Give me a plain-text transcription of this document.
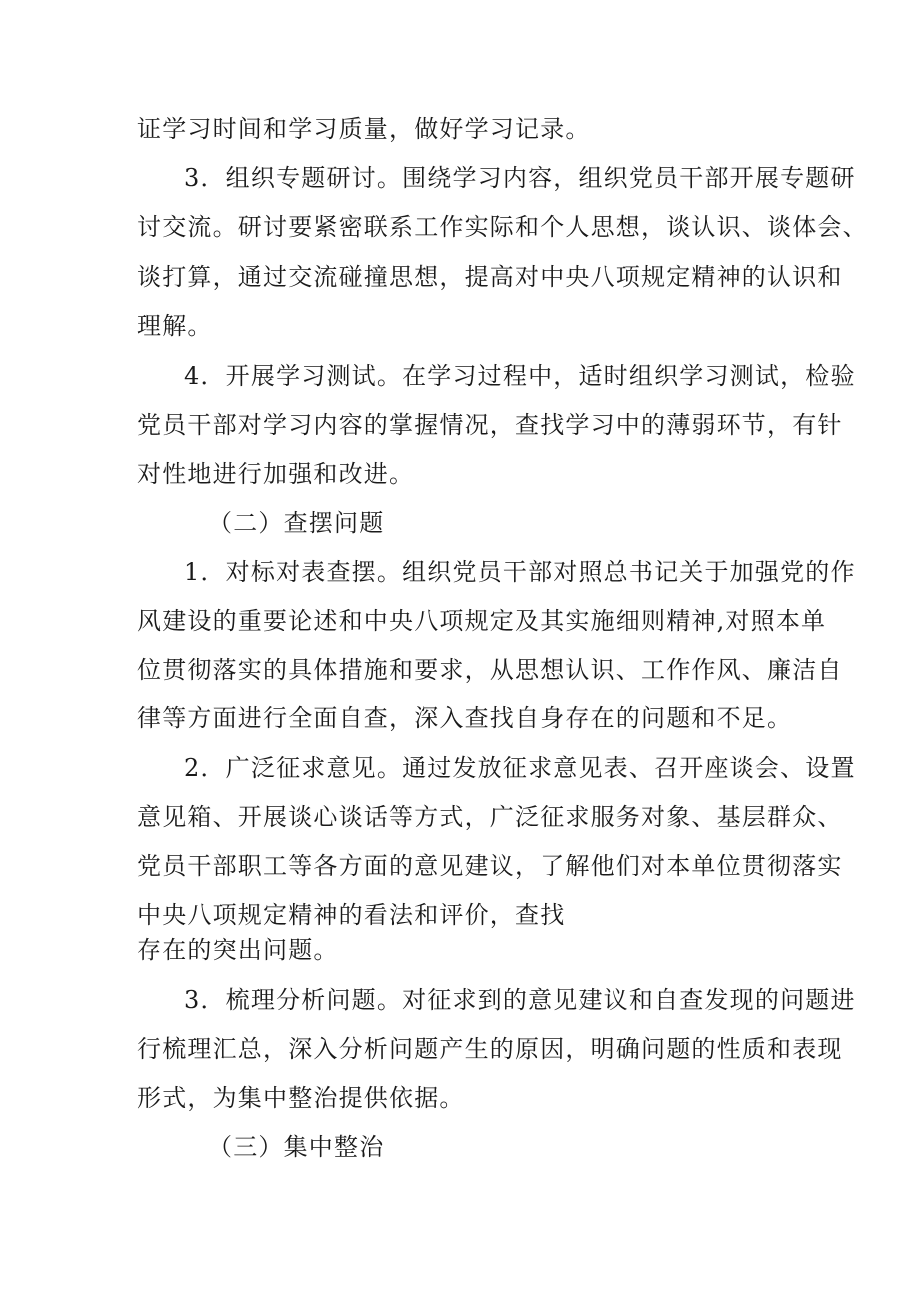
证学习时间和学习质量，做好学习记录。
3．组织专题研讨。围绕学习内容，组织党员干部开展专题研
讨交流。研讨要紧密联系工作实际和个人思想，谈认识、谈体会、
谈打算，通过交流碰撞思想，提高对中央八项规定精神的认识和
理解。
4．开展学习测试。在学习过程中，适时组织学习测试，检验
党员干部对学习内容的掌握情况，查找学习中的薄弱环节，有针
对性地进行加强和改进。
（二）查摆问题
1．对标对表查摆。组织党员干部对照总书记关于加强党的作
风建设的重要论述和中央八项规定及其实施细则精神,对照本单
位贯彻落实的具体措施和要求，从思想认识、工作作风、廉洁自
律等方面进行全面自查，深入查找自身存在的问题和不足。
2．广泛征求意见。通过发放征求意见表、召开座谈会、设置
意见箱、开展谈心谈话等方式，广泛征求服务对象、基层群众、
党员干部职工等各方面的意见建议，了解他们对本单位贯彻落实
中央八项规定精神的看法和评价，查找
存在的突出问题。
3．梳理分析问题。对征求到的意见建议和自查发现的问题进
行梳理汇总，深入分析问题产生的原因，明确问题的性质和表现
形式，为集中整治提供依据。
（三）集中整治
